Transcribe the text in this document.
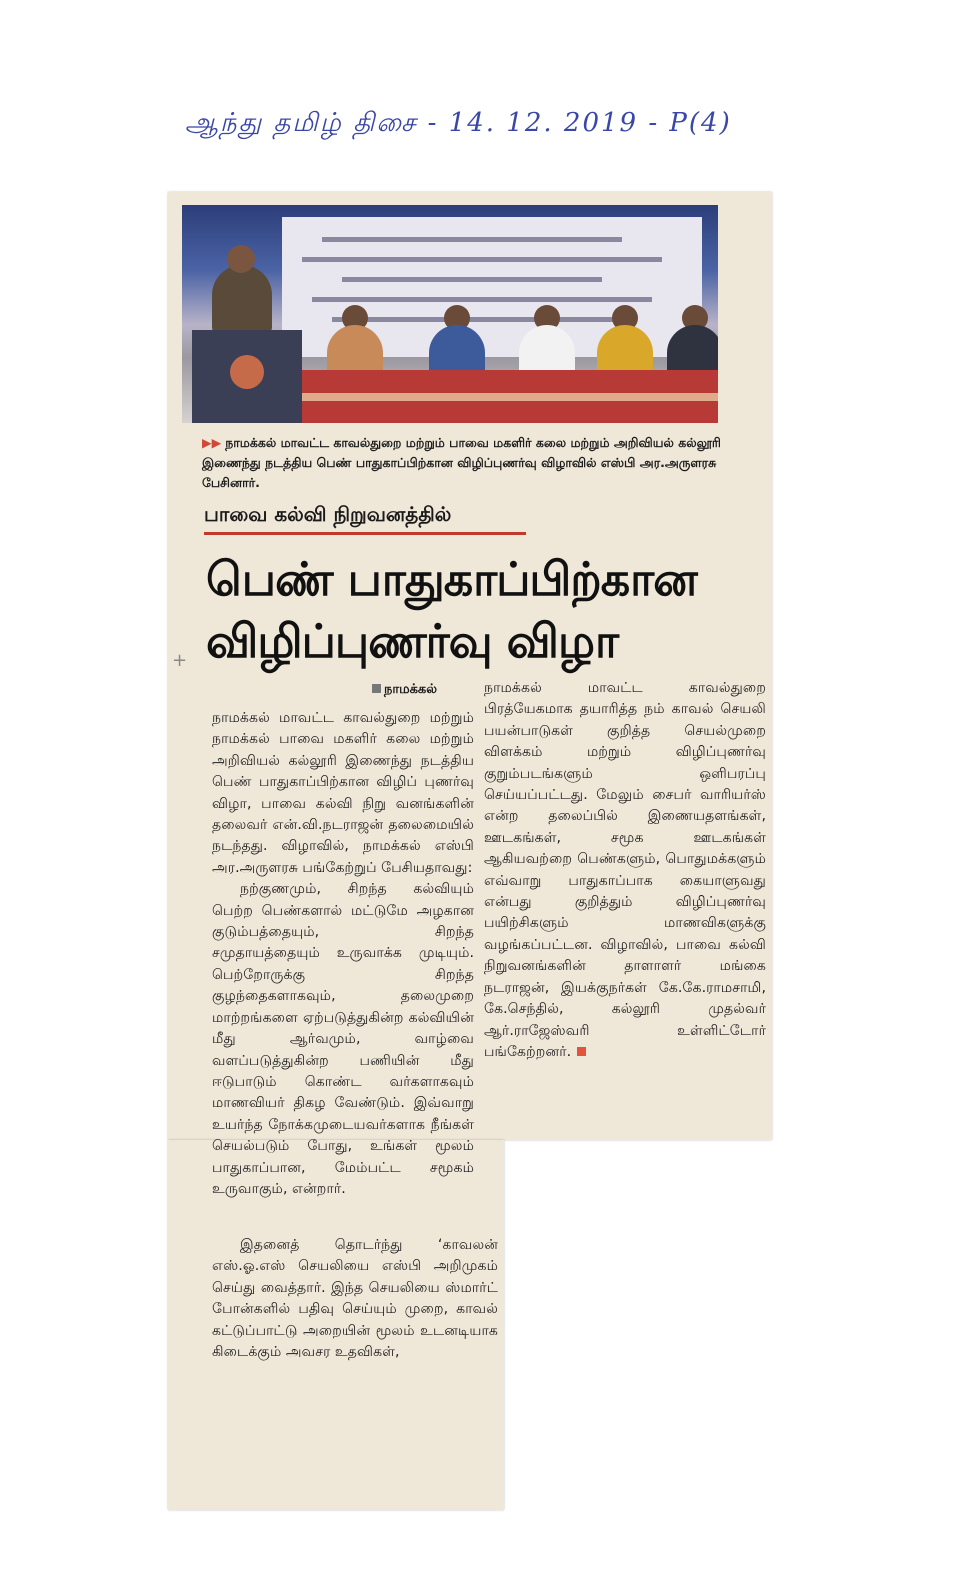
ஆந்து தமிழ் திசை - 14. 12. 2019 - P(4)
▶▶ நாமக்கல் மாவட்ட காவல்துறை மற்றும் பாவை மகளிர் கலை மற்றும் அறிவியல் கல்லூரி இணைந்து நடத்திய பெண் பாதுகாப்பிற்கான விழிப்புணர்வு விழாவில் எஸ்பி அர.அருளரசு பேசினார்.
பாவை கல்வி நிறுவனத்தில்
பெண் பாதுகாப்பிற்கான
விழிப்புணர்வு விழா
+
நாமக்கல்

நாமக்கல் மாவட்ட காவல்துறை மற்றும் நாமக்கல் பாவை மகளிர் கலை மற்றும் அறிவியல் கல்லூரி இணைந்து நடத்திய பெண் பாதுகாப்பிற்கான விழிப் புணர்வு விழா, பாவை கல்வி நிறு வனங்களின் தலைவர் என்.வி.நடராஜன் தலைமையில் நடந்தது. விழாவில், நாமக்கல் எஸ்பி அர.அருளரசு பங்கேற்றுப் பேசியதாவது:

நற்குணமும், சிறந்த கல்வியும் பெற்ற பெண்களால் மட்டுமே அழகான குடும்பத்தையும், சிறந்த சமுதாயத்தையும் உருவாக்க முடியும். பெற்றோருக்கு சிறந்த குழந்தைகளாகவும், தலைமுறை மாற்றங்களை ஏற்படுத்துகின்ற கல்வியின் மீது ஆர்வமும், வாழ்வை வளப்படுத்துகின்ற பணியின் மீது ஈடுபாடும் கொண்ட வர்களாகவும் மாணவியர் திகழ வேண்டும். இவ்வாறு உயர்ந்த நோக்கமுடையவர்களாக நீங்கள் செயல்படும் போது, உங்கள் மூலம் பாதுகாப்பான, மேம்பட்ட சமூகம் உருவாகும், என்றார்.

இதனைத் தொடர்ந்து ‘காவலன் எஸ்.ஓ.எஸ் செயலியை எஸ்பி அறிமுகம் செய்து வைத்தார். இந்த செயலியை ஸ்மார்ட் போன்களில் பதிவு செய்யும் முறை, காவல் கட்டுப்பாட்டு அறையின் மூலம் உடனடியாக கிடைக்கும் அவசர உதவிகள்,

நாமக்கல் மாவட்ட காவல்துறை பிரத்யேகமாக தயாரித்த நம் காவல் செயலி பயன்பாடுகள் குறித்த செயல்முறை விளக்கம் மற்றும் விழிப்புணர்வு குறும்படங்களும் ஒளிபரப்பு செய்யப்பட்டது. மேலும் சைபர் வாரியர்ஸ் என்ற தலைப்பில் இணையதளங்கள், ஊடகங்கள், சமூக ஊடகங்கள் ஆகியவற்றை பெண்களும், பொதுமக்களும் எவ்வாறு பாதுகாப்பாக கையாளுவது என்பது குறித்தும் விழிப்புணர்வு பயிற்சிகளும் மாணவிகளுக்கு வழங்கப்பட்டன. விழாவில், பாவை கல்வி நிறுவனங்களின் தாளாளர் மங்கை நடராஜன், இயக்குநர்கள் கே.கே.ராமசாமி, கே.செந்தில், கல்லூரி முதல்வர் ஆர்.ராஜேஸ்வரி உள்ளிட்டோர் பங்கேற்றனர்.
